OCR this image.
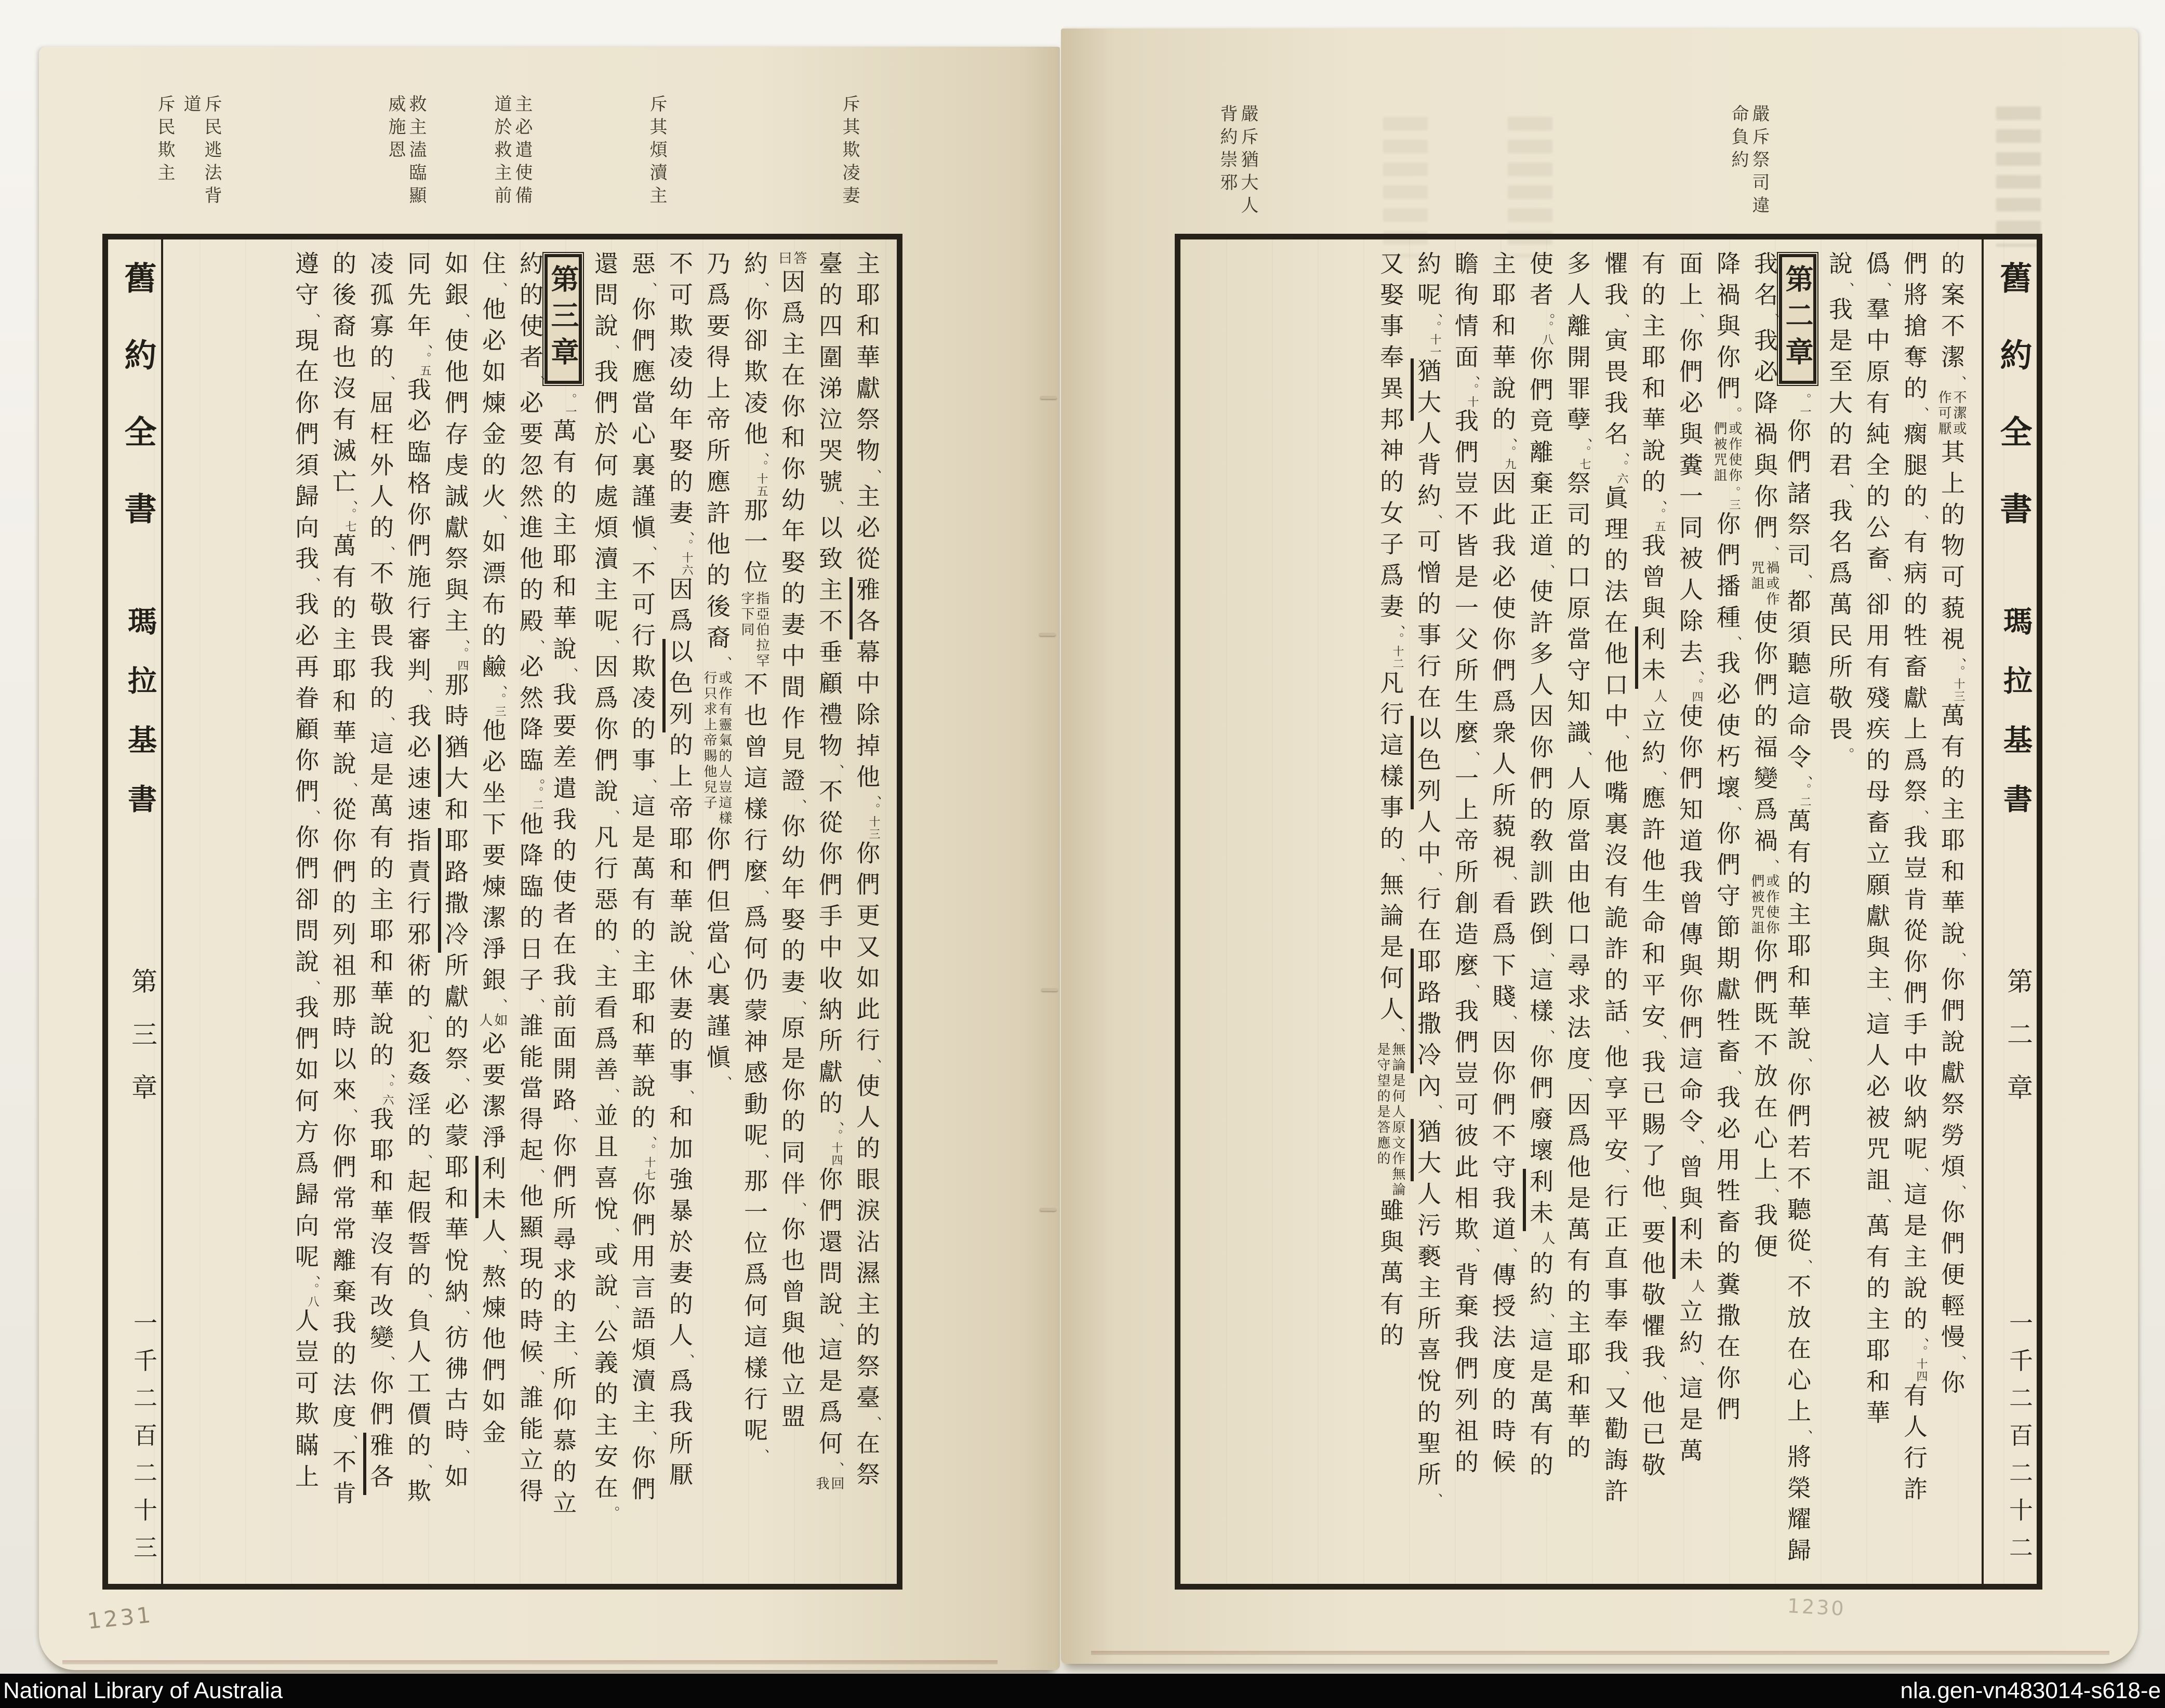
斥其欺凌妻
斥其煩瀆主
主必遣使備道於救主前
救主溘臨顯威施恩
斥民逃法背道
斥民欺主
舊約全書
瑪拉基書
第三章
一千二百二十三
主耶和華獻祭物、主必從雅各幕中除掉他、。十三你們更又如此行、使人的眼淚沾濕主的祭臺、在祭
臺的四圍涕泣哭號、以致主不垂顧禮物、不從你們手中收納所獻的、。十四你們還問說、這是爲何、回我
答曰因爲主在你和你幼年娶的妻中間作見證、你幼年娶的妻、原是你的同伴、你也曾與他立盟
約、你卻欺凌他、。十五那一位指亞伯拉罕字下同不也曾這樣行麼、爲何仍蒙神感動呢、那一位爲何這樣行呢、
乃爲要得上帝所應許他的後裔、或作有靈氣的人豈這樣行只求上帝賜他兒子你們但當心裏謹愼、
不可欺凌幼年娶的妻、。十六因爲以色列的上帝耶和華說、休妻的事、和加強暴於妻的人、爲我所厭
惡、你們應當心裏謹愼、不可行欺凌的事、這是萬有的主耶和華說的、。十七你們用言語煩瀆主、你們
還問說、我們於何處煩瀆主呢、因爲你們說、凡行惡的、主看爲善、並且喜悅、或說、公義的主安在。
第三章。一萬有的主耶和華說、我要差遣我的使者在我前面開路、你們所尋求的主、所仰慕的立
約的使者、必要忽然進他的殿、必然降臨。。二他降臨的日子、誰能當得起、他顯現的時候、誰能立得
住、他必如煉金的火、如漂布的鹼、。三他必坐下要煉潔淨銀、如人必要潔淨利未人、熬煉他們如金
如銀、使他們存虔誠獻祭與主、。四那時猶大和耶路撒冷所獻的祭、必蒙耶和華悅納、彷彿古時、如
同先年、。五我必臨格你們施行審判、我必速速指責行邪術的、犯姦淫的、起假誓的、負人工價的、欺
凌孤寡的、屈枉外人的、不敬畏我的、這是萬有的主耶和華說的、。六我耶和華沒有改變、你們雅各
的後裔也沒有滅亡、。七萬有的主耶和華說、從你們的列祖那時以來、你們常常離棄我的法度、不肯
遵守、現在你們須歸向我、我必再眷顧你們、你們卻問說、我們如何方爲歸向呢、。八人豈可欺瞞上
嚴斥祭司違命負約
嚴斥猶大人背約崇邪
舊約全書
瑪拉基書
第二章
一千二百二十二
的案不潔、不潔或作可厭其上的物可藐視、。十三萬有的主耶和華說、你們說獻祭勞煩、你們便輕慢、你
們將搶奪的、瘸腿的、有病的牲畜獻上爲祭、我豈肯從你們手中收納呢、這是主說的、。十四有人行詐
僞、羣中原有純全的公畜、卻用有殘疾的母畜立願獻與主、這人必被咒詛、萬有的主耶和華
說、我是至大的君、我名爲萬民所敬畏。
第二章。一你們諸祭司、都須聽這命令、。二萬有的主耶和華說、你們若不聽從、不放在心上、將榮耀歸
我名、我必降禍與你們、禍或作咒詛使你們的福變爲禍、或作使你們被咒詛你們既不放在心上、我便
降禍與你們。或作使你們被咒詛。三你們播種、我必使朽壞、你們守節期獻牲畜、我必用牲畜的糞撒在你們
面上、你們必與糞一同被人除去、。四使你們知道我曾傳與你們這命令、曾與利未人立約、這是萬
有的主耶和華說的、。五我曾與利未人立約、應許他生命和平安、我已賜了他、要他敬懼我、他已敬
懼我、寅畏我名、。六眞理的法在他口中、他嘴裏沒有詭詐的話、他享平安、行正直事奉我、又勸誨許
多人離開罪孽、。七祭司的口原當守知識、人原當由他口尋求法度、因爲他是萬有的主耶和華的
使者。。八你們竟離棄正道、使許多人因你們的敎訓跌倒、這樣、你們廢壞利未人的約、這是萬有的
主耶和華說的、。九因此我必使你們爲衆人所藐視、看爲下賤、因你們不守我道、傳授法度的時候
瞻徇情面、。十我們豈不皆是一父所生麼、一上帝所創造麼、我們豈可彼此相欺、背棄我們列祖的
約呢、。十一猶大人背約、可憎的事行在以色列人中、行在耶路撒冷內、猶大人污褻主所喜悅的聖所、
又娶事奉異邦神的女子爲妻、。十二凡行這樣事的、無論是何人、無論是何人原文作無論是守望的是答應的雖與萬有的
1231	1230
National Library of Australia	nla.gen-vn483014-s618-e
